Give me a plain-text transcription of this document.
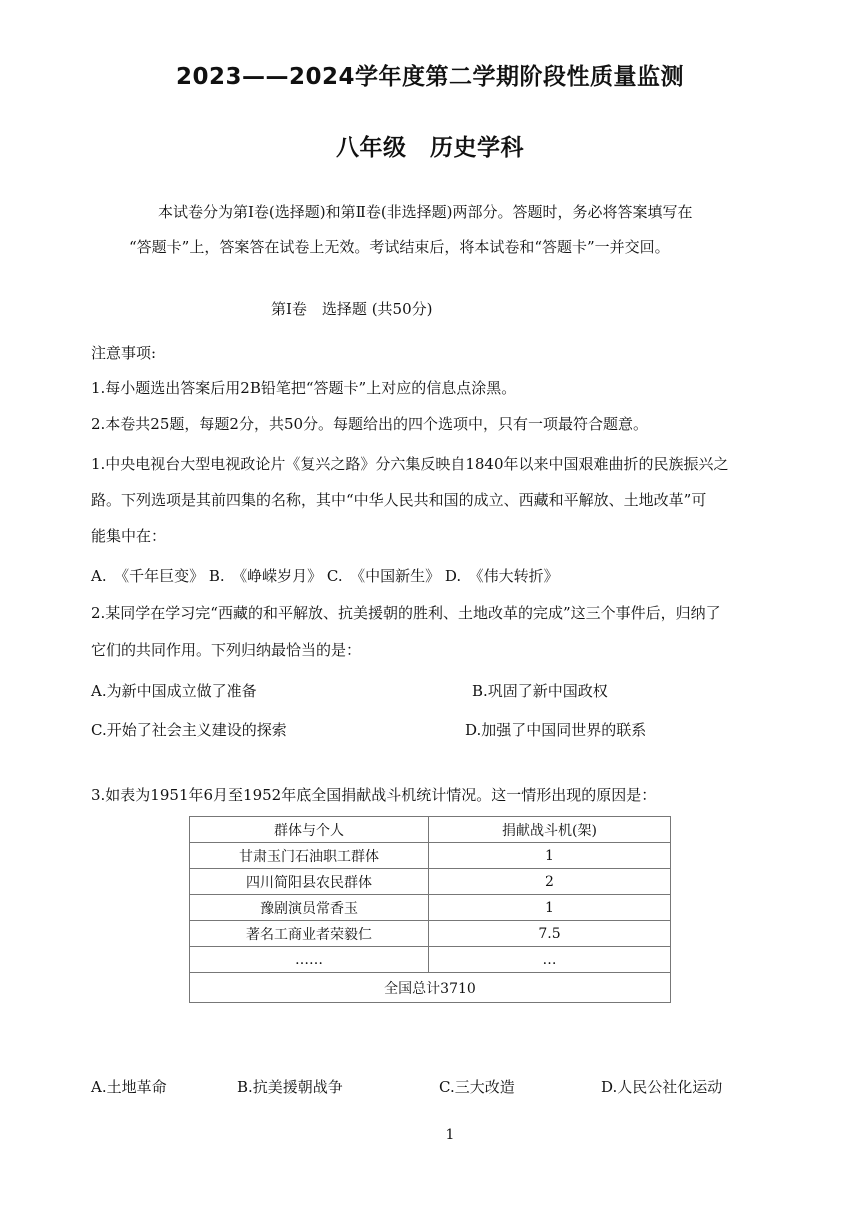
2023——2024学年度第二学期阶段性质量监测
八年级　历史学科
本试卷分为第Ⅰ卷(选择题)和第Ⅱ卷(非选择题)两部分。答题时，务必将答案填写在
“答题卡”上，答案答在试卷上无效。考试结束后，将本试卷和“答题卡”一并交回。
第Ⅰ卷　选择题 (共50分)
注意事项:
1.每小题选出答案后用2B铅笔把“答题卡”上对应的信息点涂黑。
2.本卷共25题，每题2分，共50分。每题给出的四个选项中，只有一项最符合题意。
1.中央电视台大型电视政论片《复兴之路》分六集反映自1840年以来中国艰难曲折的民族振兴之
路。下列选项是其前四集的名称，其中“中华人民共和国的成立、西藏和平解放、土地改革”可
能集中在：
A.　《千年巨变》 B.　《峥嵘岁月》 C.　《中国新生》 D.　《伟大转折》
2.某同学在学习完“西藏的和平解放、抗美援朝的胜利、土地改革的完成”这三个事件后，归纳了
它们的共同作用。下列归纳最恰当的是：
A.为新中国成立做了准备	B.巩固了新中国政权
C.开始了社会主义建设的探索	D.加强了中国同世界的联系
3.如表为1951年6月至1952年底全国捐献战斗机统计情况。这一情形出现的原因是：
群体与个人	捐献战斗机(架)
甘肃玉门石油职工群体	1
四川简阳县农民群体	2
豫剧演员常香玉	1
著名工商业者荣毅仁	7.5
……	…
全国总计3710	
A.土地革命	B.抗美援朝战争	C.三大改造	D.人民公社化运动
1
